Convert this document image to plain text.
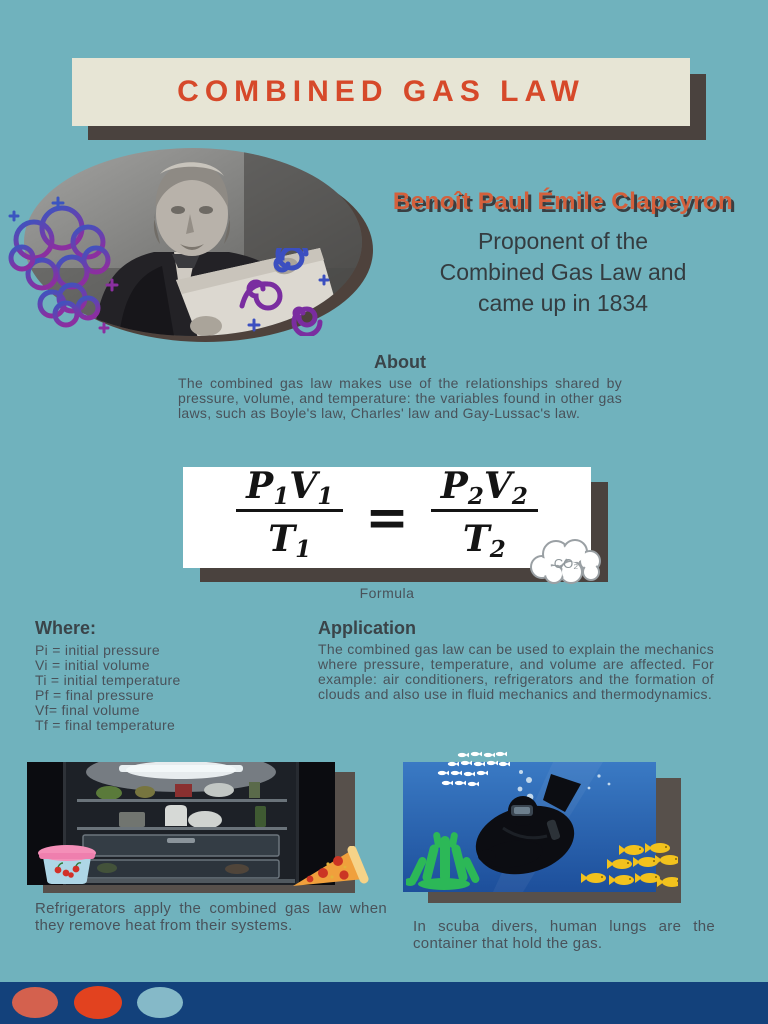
COMBINED GAS LAW
Benoît Paul Émile Clapeyron
Proponent of the
Combined Gas Law and
came up in 1834
About
The combined gas law makes use of the relationships shared by pressure, volume, and temperature: the variables found in other gas laws, such as Boyle's law, Charles' law and Gay-Lussac's law.
$\frac{P_1V_1}{T_1} = \frac{P_2V_2}{T_2} CO_2$
Formula
Where:
Pi = initial pressure
Vi = initial volume
Ti = initial temperature
Pf = final pressure
Vf= final volume
Tf = final temperature
Application
The combined gas law can be used to explain the mechanics where pressure, temperature, and volume are affected. For example: air conditioners, refrigerators and the formation of clouds and also use in fluid mechanics and thermodynamics.
Refrigerators apply the combined gas law when they remove heat from their systems.	In scuba divers, human lungs are the container that hold the gas.
